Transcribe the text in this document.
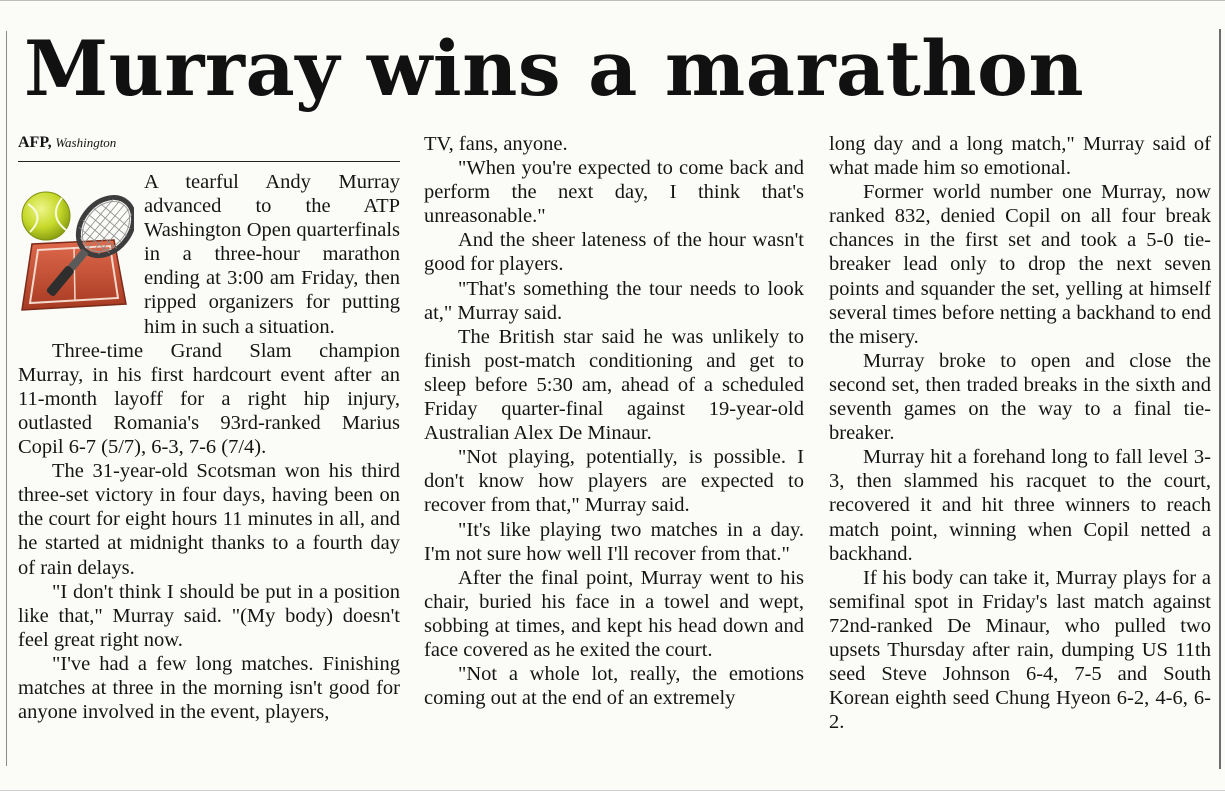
Murray wins a marathon
AFP, Washington

A tearful Andy Murray advanced to the ATP Washington Open quarterfinals in a three-hour marathon ending at 3:00 am Friday, then ripped organizers for putting him in such a situation.

Three-time Grand Slam champion Murray, in his first hardcourt event after an 11-month layoff for a right hip injury, outlasted Romania's 93rd-ranked Marius Copil 6-7 (5/7), 6-3, 7-6 (7/4).

The 31-year-old Scotsman won his third three-set victory in four days, having been on the court for eight hours 11 minutes in all, and he started at midnight thanks to a fourth day of rain delays.

"I don't think I should be put in a position like that," Murray said. "(My body) doesn't feel great right now.

"I've had a few long matches. Finishing matches at three in the morning isn't good for anyone involved in the event, players,

TV, fans, anyone.

"When you're expected to come back and perform the next day, I think that's unreasonable."

And the sheer lateness of the hour wasn't good for players.

"That's something the tour needs to look at," Murray said.

The British star said he was unlikely to finish post-match conditioning and get to sleep before 5:30 am, ahead of a scheduled Friday quarter-final against 19-year-old Australian Alex De Minaur.

"Not playing, potentially, is possible. I don't know how players are expected to recover from that," Murray said.

"It's like playing two matches in a day. I'm not sure how well I'll recover from that."

After the final point, Murray went to his chair, buried his face in a towel and wept, sobbing at times, and kept his head down and face covered as he exited the court.

"Not a whole lot, really, the emotions coming out at the end of an extremely

long day and a long match," Murray said of what made him so emotional.

Former world number one Murray, now ranked 832, denied Copil on all four break chances in the first set and took a 5-0 tie-breaker lead only to drop the next seven points and squander the set, yelling at himself several times before netting a backhand to end the misery.

Murray broke to open and close the second set, then traded breaks in the sixth and seventh games on the way to a final tie-breaker.

Murray hit a forehand long to fall level 3-3, then slammed his racquet to the court, recovered it and hit three winners to reach match point, winning when Copil netted a backhand.

If his body can take it, Murray plays for a semifinal spot in Friday's last match against 72nd-ranked De Minaur, who pulled two upsets Thursday after rain, dumping US 11th seed Steve Johnson 6-4, 7-5 and South Korean eighth seed Chung Hyeon 6-2, 4-6, 6-2.
